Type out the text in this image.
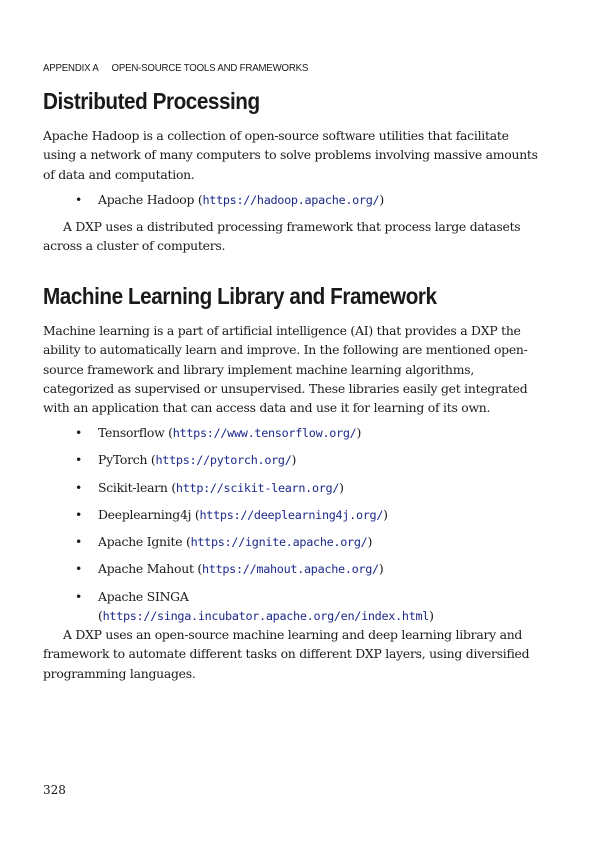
APPENDIX A OPEN-SOURCE TOOLS AND FRAMEWORKS
Distributed Processing

Apache Hadoop is a collection of open-source software utilities that facilitate using a network of many computers to solve problems involving massive amounts of data and computation.

• Apache Hadoop (https://hadoop.apache.org/)

A DXP uses a distributed processing framework that process large datasets across a cluster of computers.

Machine Learning Library and Framework

Machine learning is a part of artificial intelligence (AI) that provides a DXP the ability to automatically learn and improve. In the following are mentioned open-source framework and library implement machine learning algorithms, categorized as supervised or unsupervised. These libraries easily get integrated with an application that can access data and use it for learning of its own.

• Tensorflow (https://www.tensorflow.org/)
• PyTorch (https://pytorch.org/)
• Scikit-learn (http://scikit-learn.org/)
• Deeplearning4j (https://deeplearning4j.org/)
• Apache Ignite (https://ignite.apache.org/)
• Apache Mahout (https://mahout.apache.org/)
• Apache SINGA (https://singa.incubator.apache.org/en/index.html)

A DXP uses an open-source machine learning and deep learning library and framework to automate different tasks on different DXP layers, using diversified programming languages.

328
